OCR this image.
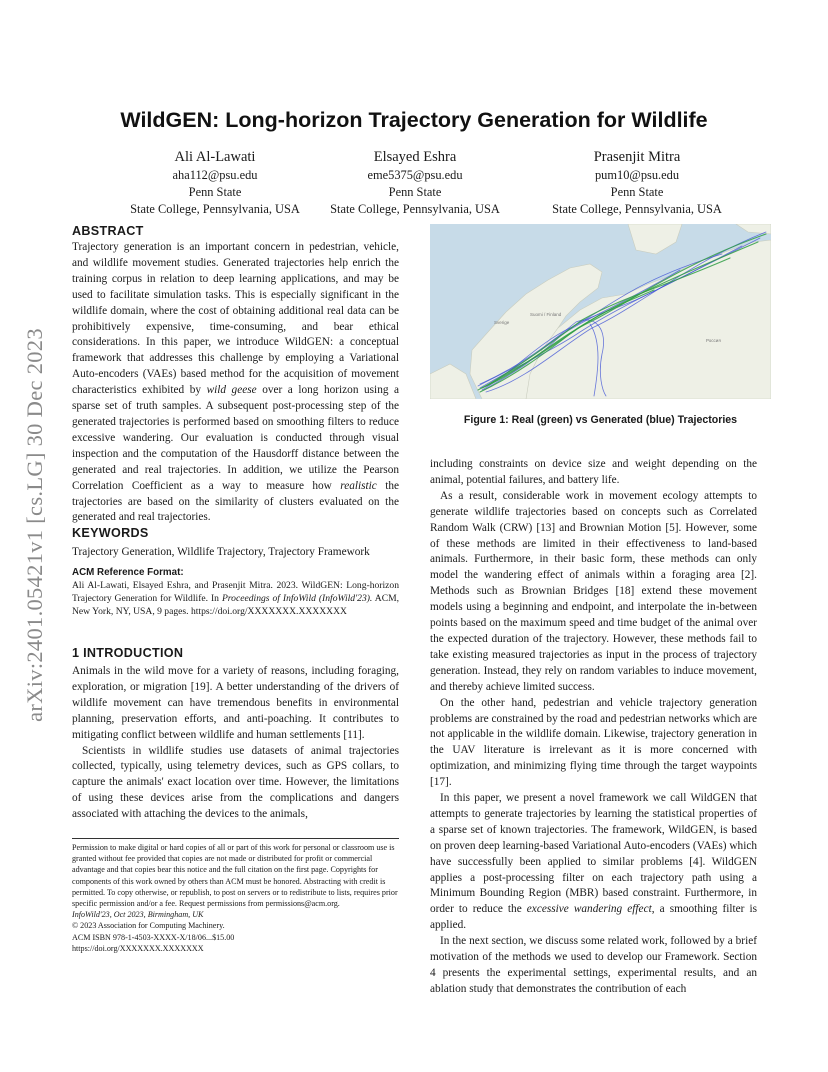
arXiv:2401.05421v1 [cs.LG] 30 Dec 2023
WildGEN: Long-horizon Trajectory Generation for Wildlife
Ali Al-Lawati
aha112@psu.edu
Penn State
State College, Pennsylvania, USA
Elsayed Eshra
eme5375@psu.edu
Penn State
State College, Pennsylvania, USA
Prasenjit Mitra
pum10@psu.edu
Penn State
State College, Pennsylvania, USA
ABSTRACT

Trajectory generation is an important concern in pedestrian, vehicle, and wildlife movement studies. Generated trajectories help enrich the training corpus in relation to deep learning applications, and may be used to facilitate simulation tasks. This is especially significant in the wildlife domain, where the cost of obtaining additional real data can be prohibitively expensive, time-consuming, and bear ethical considerations. In this paper, we introduce WildGEN: a conceptual framework that addresses this challenge by employing a Variational Auto-encoders (VAEs) based method for the acquisition of movement characteristics exhibited by wild geese over a long horizon using a sparse set of truth samples. A subsequent post-processing step of the generated trajectories is performed based on smoothing filters to reduce excessive wandering. Our evaluation is conducted through visual inspection and the computation of the Hausdorff distance between the generated and real trajectories. In addition, we utilize the Pearson Correlation Coefficient as a way to measure how realistic the trajectories are based on the similarity of clusters evaluated on the generated and real trajectories.

KEYWORDS

Trajectory Generation, Wildlife Trajectory, Trajectory Framework

ACM Reference Format:

Ali Al-Lawati, Elsayed Eshra, and Prasenjit Mitra. 2023. WildGEN: Long-horizon Trajectory Generation for Wildlife. In Proceedings of InfoWild (InfoWild'23). ACM, New York, NY, USA, 9 pages. https://doi.org/XXXXXXX.XXXXXXX

1 INTRODUCTION

Animals in the wild move for a variety of reasons, including foraging, exploration, or migration [19]. A better understanding of the drivers of wildlife movement can have tremendous benefits in environmental planning, preservation efforts, and anti-poaching. It contributes to mitigating conflict between wildlife and human settlements [11].

Scientists in wildlife studies use datasets of animal trajectories collected, typically, using telemetry devices, such as GPS collars, to capture the animals' exact location over time. However, the limitations of using these devices arise from the complications and dangers associated with attaching the devices to the animals,

Permission to make digital or hard copies of all or part of this work for personal or classroom use is granted without fee provided that copies are not made or distributed for profit or commercial advantage and that copies bear this notice and the full citation on the first page. Copyrights for components of this work owned by others than ACM must be honored. Abstracting with credit is permitted. To copy otherwise, or republish, to post on servers or to redistribute to lists, requires prior specific permission and/or a fee. Request permissions from permissions@acm.org.

InfoWild'23, Oct 2023, Birmingham, UK

© 2023 Association for Computing Machinery.

ACM ISBN 978-1-4503-XXXX-X/18/06...$15.00

https://doi.org/XXXXXXX.XXXXXXX

Sverige
Suomi / Finland
Россия
Figure 1: Real (green) vs Generated (blue) Trajectories

including constraints on device size and weight depending on the animal, potential failures, and battery life.

As a result, considerable work in movement ecology attempts to generate wildlife trajectories based on concepts such as Correlated Random Walk (CRW) [13] and Brownian Motion [5]. However, some of these methods are limited in their effectiveness to land-based animals. Furthermore, in their basic form, these methods can only model the wandering effect of animals within a foraging area [2]. Methods such as Brownian Bridges [18] extend these movement models using a beginning and endpoint, and interpolate the in-between points based on the maximum speed and time budget of the animal over the expected duration of the trajectory. However, these methods fail to take existing measured trajectories as input in the process of trajectory generation. Instead, they rely on random variables to induce movement, and thereby achieve limited success.

On the other hand, pedestrian and vehicle trajectory generation problems are constrained by the road and pedestrian networks which are not applicable in the wildlife domain. Likewise, trajectory generation in the UAV literature is irrelevant as it is more concerned with optimization, and minimizing flying time through the target waypoints [17].

In this paper, we present a novel framework we call WildGEN that attempts to generate trajectories by learning the statistical properties of a sparse set of known trajectories. The framework, WildGEN, is based on proven deep learning-based Variational Auto-encoders (VAEs) which have successfully been applied to similar problems [4]. WildGEN applies a post-processing filter on each trajectory path using a Minimum Bounding Region (MBR) based constraint. Furthermore, in order to reduce the excessive wandering effect, a smoothing filter is applied.

In the next section, we discuss some related work, followed by a brief motivation of the methods we used to develop our Framework. Section 4 presents the experimental settings, experimental results, and an ablation study that demonstrates the contribution of each
